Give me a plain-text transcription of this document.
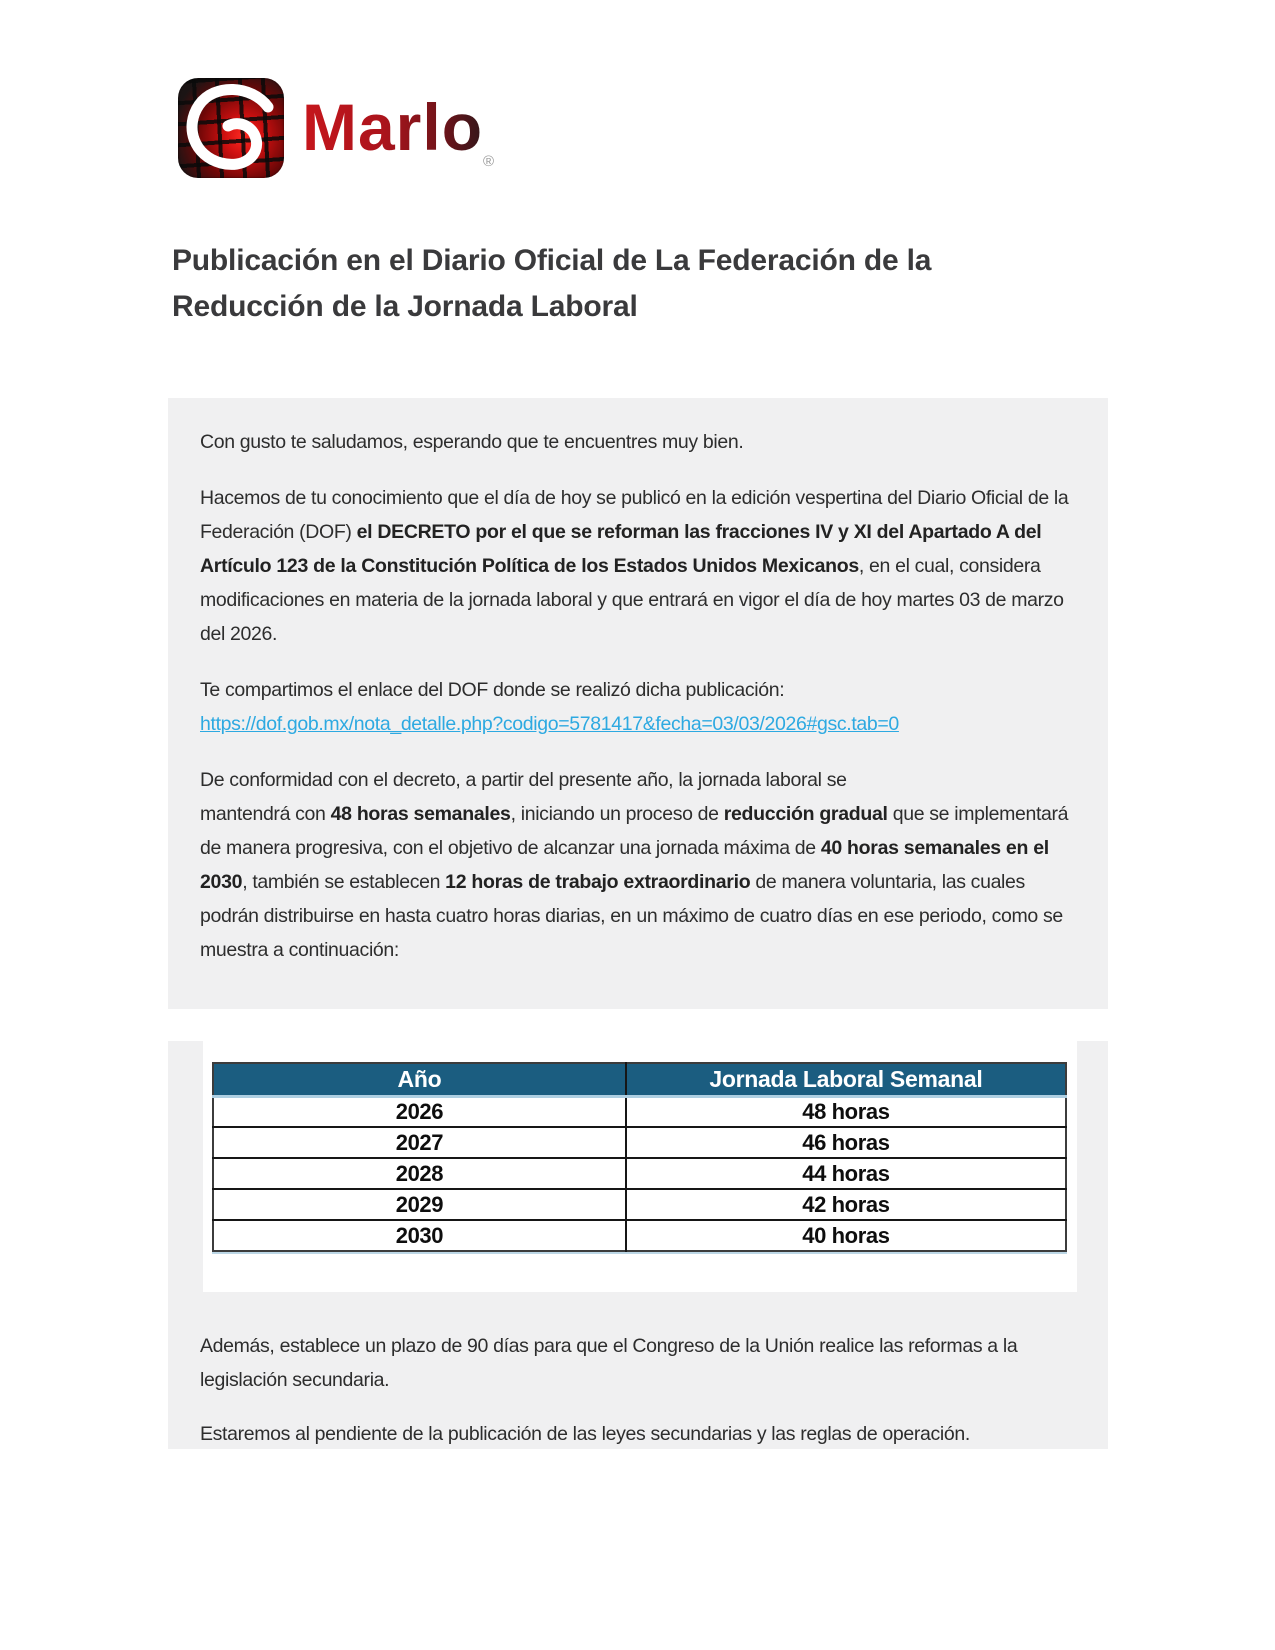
Marlo ®
Publicación en el Diario Oficial de La Federación de la
Reducción de la Jornada Laboral

Con gusto te saludamos, esperando que te encuentres muy bien.

Hacemos de tu conocimiento que el día de hoy se publicó en la edición vespertina del Diario Oficial de la Federación (DOF) el DECRETO por el que se reforman las fracciones IV y XI del Apartado A del Artículo 123 de la Constitución Política de los Estados Unidos Mexicanos, en el cual, considera modificaciones en materia de la jornada laboral y que entrará en vigor el día de hoy martes 03 de marzo del 2026.

Te compartimos el enlace del DOF donde se realizó dicha publicación:
https://dof.gob.mx/nota_detalle.php?codigo=5781417&fecha=03/03/2026#gsc.tab=0

De conformidad con el decreto, a partir del presente año, la jornada laboral se
mantendrá con 48 horas semanales, iniciando un proceso de reducción gradual que se implementará de manera progresiva, con el objetivo de alcanzar una jornada máxima de 40 horas semanales en el 2030, también se establecen 12 horas de trabajo extraordinario de manera voluntaria, las cuales podrán distribuirse en hasta cuatro horas diarias, en un máximo de cuatro días en ese periodo, como se muestra a continuación:

Año	Jornada Laboral Semanal
2026	48 horas
2027	46 horas
2028	44 horas
2029	42 horas
2030	40 horas

Además, establece un plazo de 90 días para que el Congreso de la Unión realice las reformas a la legislación secundaria.

Estaremos al pendiente de la publicación de las leyes secundarias y las reglas de operación.
